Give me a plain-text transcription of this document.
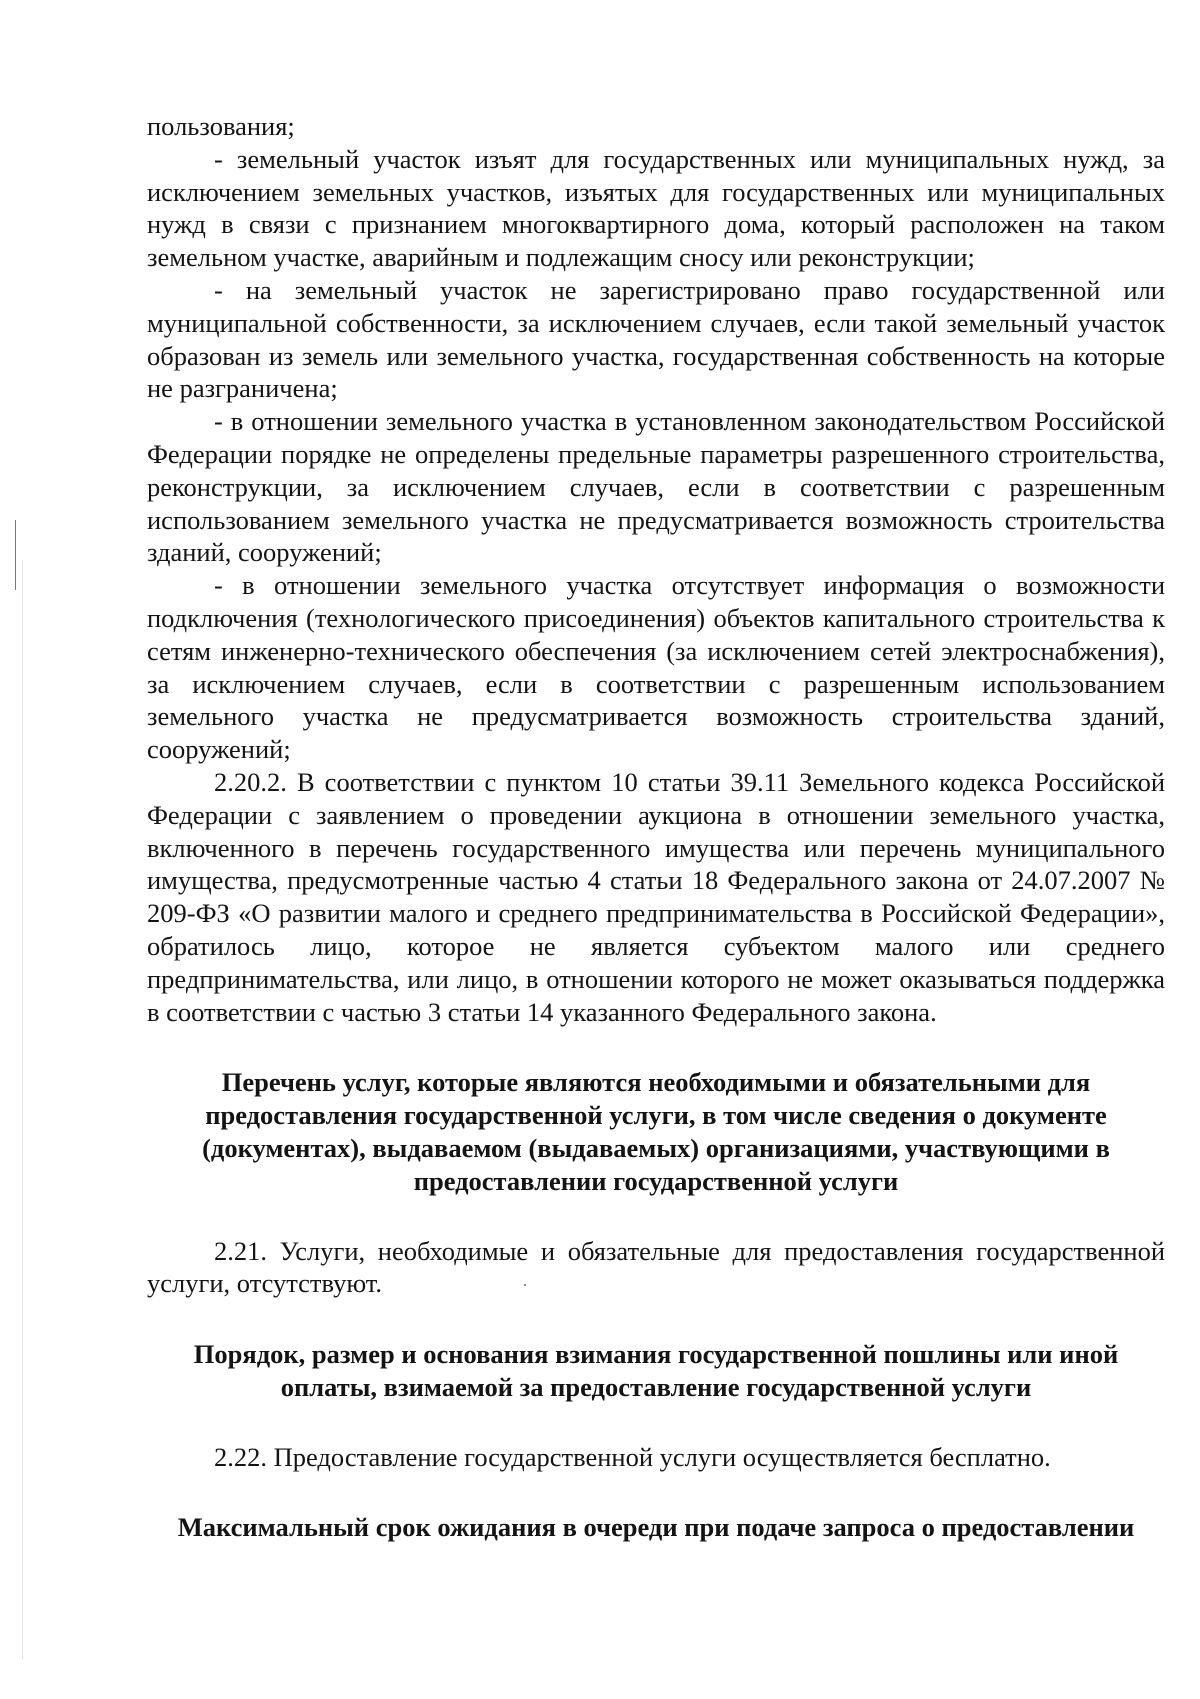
пользования;

- земельный участок изъят для государственных или муниципальных нужд, за исключением земельных участков, изъятых для государственных или муниципальных нужд в связи с признанием многоквартирного дома, который расположен на таком земельном участке, аварийным и подлежащим сносу или реконструкции;

- на земельный участок не зарегистрировано право государственной или муниципальной собственности, за исключением случаев, если такой земельный участок образован из земель или земельного участка, государственная собственность на которые не разграничена;

- в отношении земельного участка в установленном законодательством Российской Федерации порядке не определены предельные параметры разрешенного строительства, реконструкции, за исключением случаев, если в соответствии с разрешенным использованием земельного участка не предусматривается возможность строительства зданий, сооружений;

- в отношении земельного участка отсутствует информация о возможности подключения (технологического присоединения) объектов капитального строительства к сетям инженерно-технического обеспечения (за исключением сетей электроснабжения), за исключением случаев, если в соответствии с разрешенным использованием земельного участка не предусматривается возможность строительства зданий, сооружений;

2.20.2. В соответствии с пунктом 10 статьи 39.11 Земельного кодекса Российской Федерации с заявлением о проведении аукциона в отношении земельного участка, включенного в перечень государственного имущества или перечень муниципального имущества, предусмотренные частью 4 статьи 18 Федерального закона от 24.07.2007 № 209-ФЗ «О развитии малого и среднего предпринимательства в Российской Федерации», обратилось лицо, которое не является субъектом малого или среднего предпринимательства, или лицо, в отношении которого не может оказываться поддержка в соответствии с частью 3 статьи 14 указанного Федерального закона.

Перечень услуг, которые являются необходимыми и обязательными для предоставления государственной услуги, в том числе сведения о документе (документах), выдаваемом (выдаваемых) организациями, участвующими в предоставлении государственной услуги

2.21. Услуги, необходимые и обязательные для предоставления государственной услуги, отсутствуют.

Порядок, размер и основания взимания государственной пошлины или иной оплаты, взимаемой за предоставление государственной услуги

2.22. Предоставление государственной услуги осуществляется бесплатно.

Максимальный срок ожидания в очереди при подаче запроса о предоставлении
